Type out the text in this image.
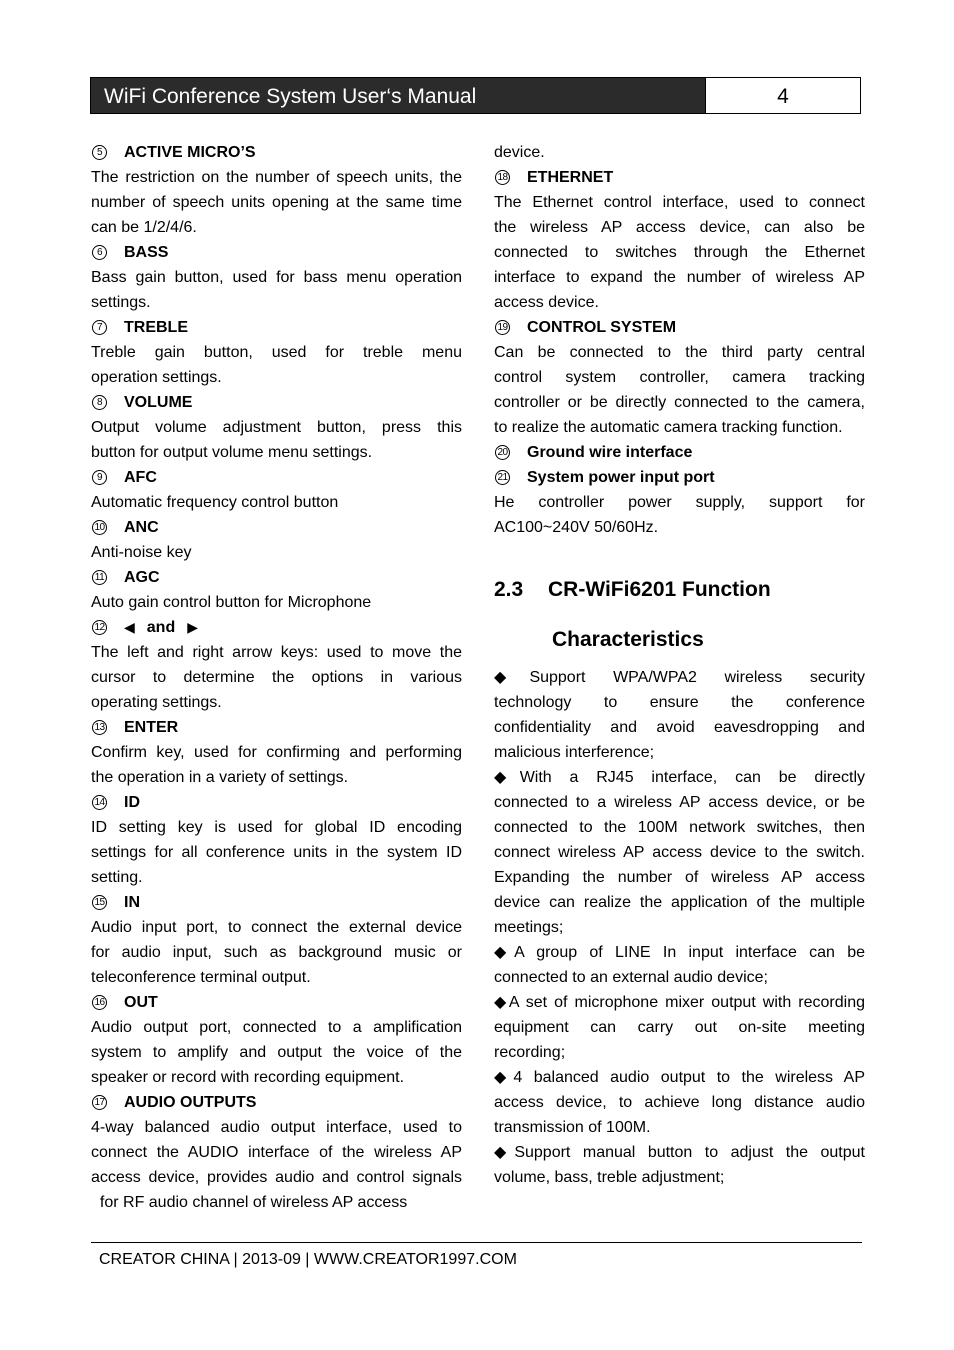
WiFi Conference System User‘s Manual	4
5	ACTIVE MICRO’S
The restriction on the number of speech units, the
number of speech units opening at the same time
can be 1/2/4/6.
6	BASS
Bass gain button, used for bass menu operation
settings.
7	TREBLE
Treble gain button, used for treble menu
operation settings.
8	VOLUME
Output volume adjustment button, press this
button for output volume menu settings.
9	AFC
Automatic frequency control button
10 ANC
Anti-noise key
11 AGC
Auto gain control button for Microphone
12 ◀ and ▶
The left and right arrow keys: used to move the
cursor to determine the options in various
operating settings.
13 ENTER
Confirm key, used for confirming and performing
the operation in a variety of settings.
14 ID
ID setting key is used for global ID encoding
settings for all conference units in the system ID
setting.
15 IN
Audio input port, to connect the external device
for audio input, such as background music or
teleconference terminal output.
16 OUT
Audio output port, connected to a amplification
system to amplify and output the voice of the
speaker or record with recording equipment.
17 AUDIO OUTPUTS
4-way balanced audio output interface, used to
connect the AUDIO interface of the wireless AP
access device, provides audio and control signals
for RF audio channel of wireless AP access
device.
18 ETHERNET
The Ethernet control interface, used to connect
the wireless AP access device, can also be
connected to switches through the Ethernet
interface to expand the number of wireless AP
access device.
19 CONTROL SYSTEM
Can be connected to the third party central
control system controller, camera tracking
controller or be directly connected to the camera,
to realize the automatic camera tracking function.
20 Ground wire interface
21 System power input port
He controller power supply, support for
AC100~240V 50/60Hz.
2.3 CR-WiFi6201 Function
Characteristics
◆Support WPA/WPA2 wireless security
technology to ensure the conference
confidentiality and avoid eavesdropping and
malicious interference;
◆With a RJ45 interface, can be directly
connected to a wireless AP access device, or be
connected to the 100M network switches, then
connect wireless AP access device to the switch.
Expanding the number of wireless AP access
device can realize the application of the multiple
meetings;
◆A group of LINE In input interface can be
connected to an external audio device;
◆A set of microphone mixer output with recording
equipment can carry out on-site meeting
recording;
◆4 balanced audio output to the wireless AP
access device, to achieve long distance audio
transmission of 100M.
◆Support manual button to adjust the output
volume, bass, treble adjustment;
CREATOR CHINA | 2013-09 | WWW.CREATOR1997.COM
